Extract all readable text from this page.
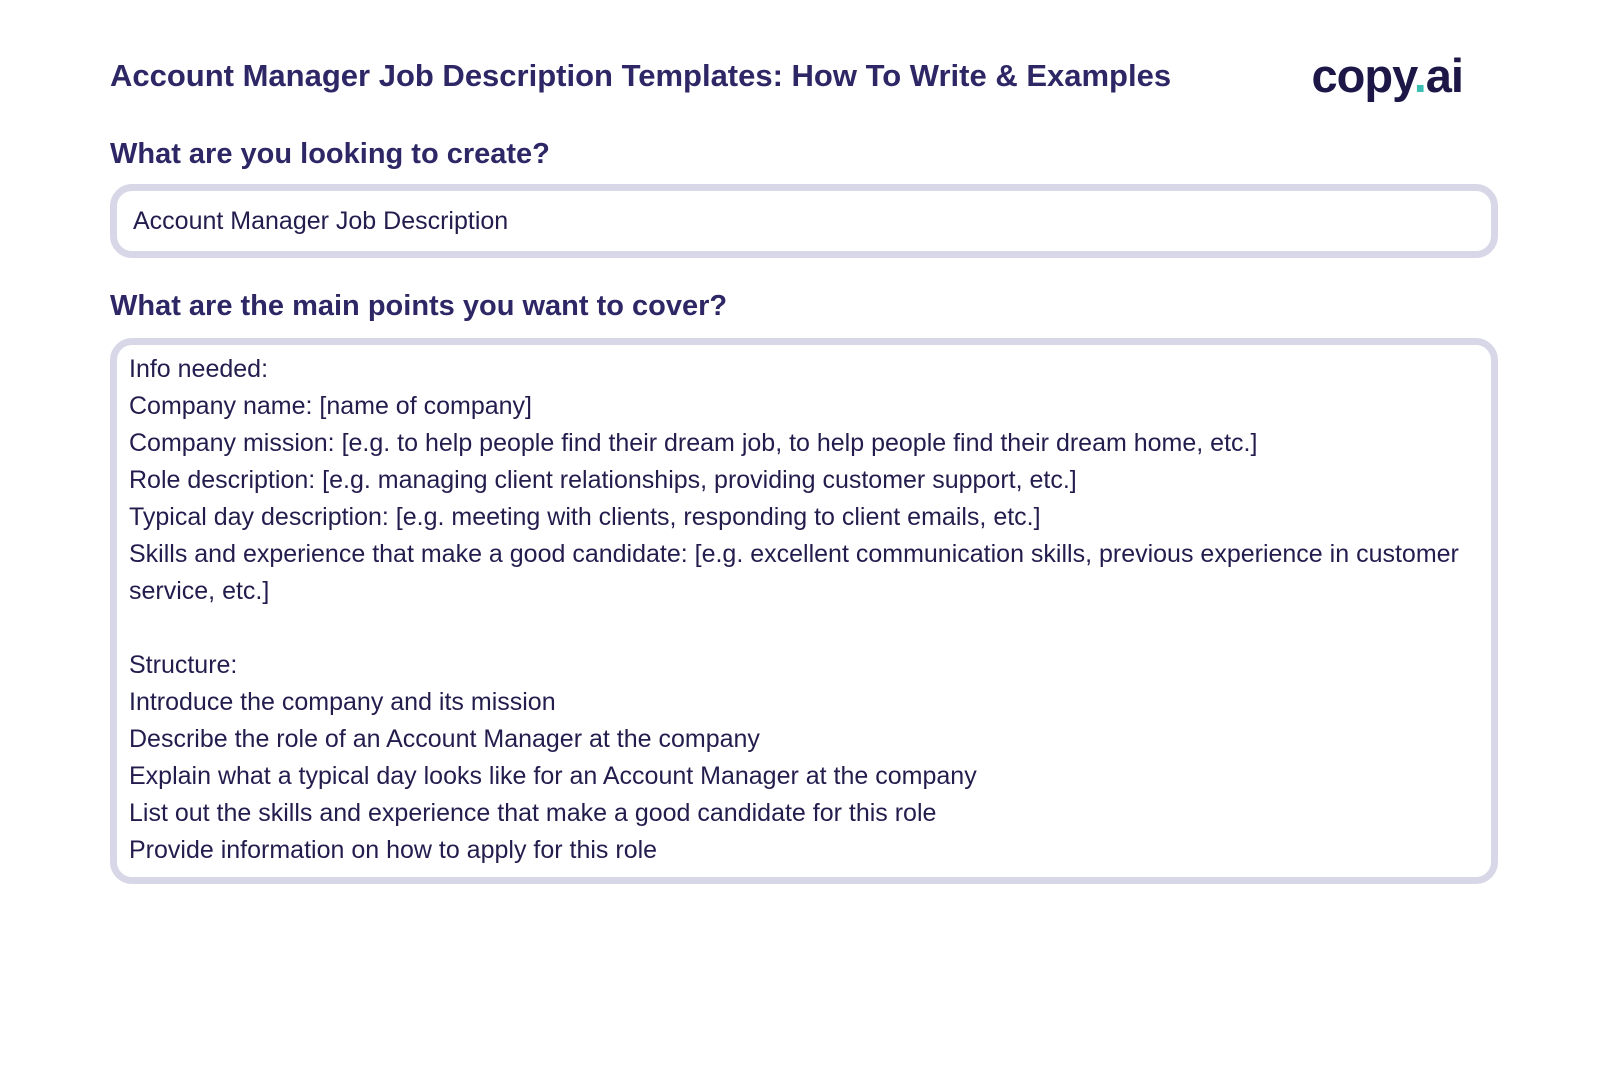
Account Manager Job Description Templates: How To Write & Examples	copy.ai
What are you looking to create?
Account Manager Job Description
What are the main points you want to cover?
Info needed:
Company name: [name of company]
Company mission: [e.g. to help people find their dream job, to help people find their dream home, etc.]
Role description: [e.g. managing client relationships, providing customer support, etc.]
Typical day description: [e.g. meeting with clients, responding to client emails, etc.]
Skills and experience that make a good candidate: [e.g. excellent communication skills, previous experience in customer service, etc.]

Structure:
Introduce the company and its mission
Describe the role of an Account Manager at the company
Explain what a typical day looks like for an Account Manager at the company
List out the skills and experience that make a good candidate for this role
Provide information on how to apply for this role
